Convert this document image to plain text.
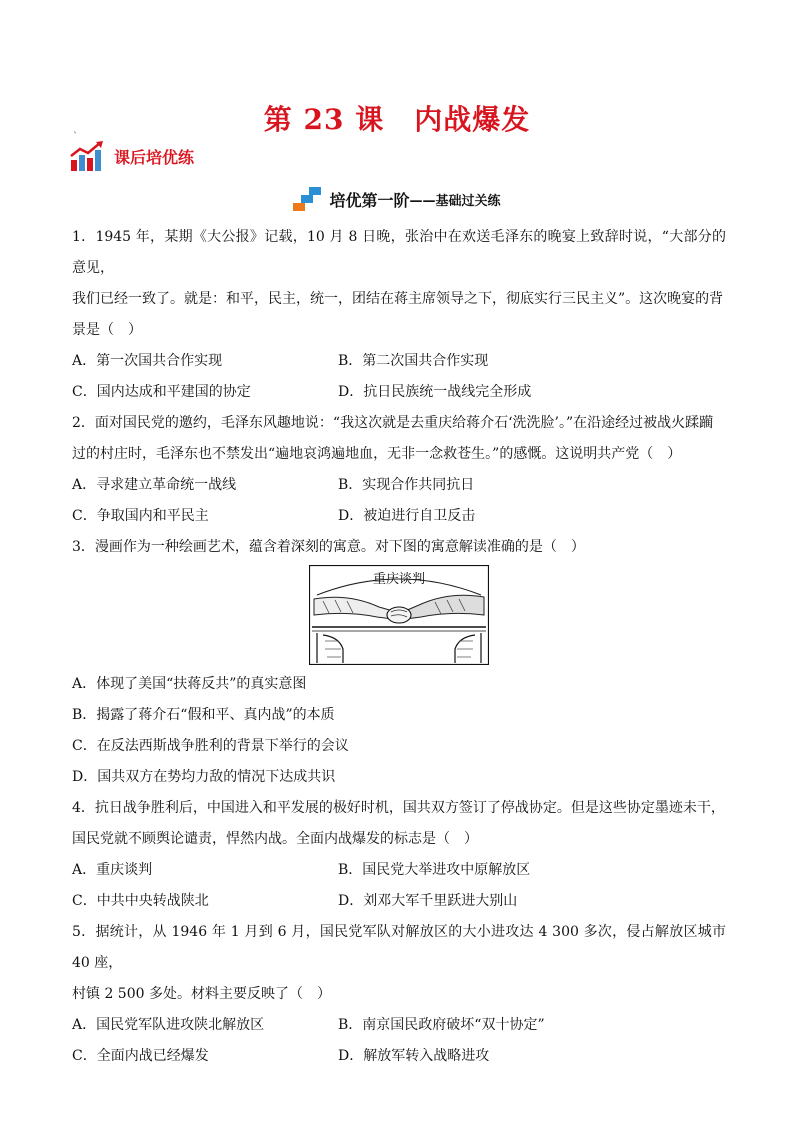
第 23 课 内战爆发
`
课后培优练
培优第一阶 ——基础过关练

1．1945 年，某期《大公报》记载，10 月 8 日晚，张治中在欢送毛泽东的晚宴上致辞时说，“大部分的意见，

我们已经一致了。就是：和平，民主，统一，团结在蒋主席领导之下，彻底实行三民主义”。这次晚宴的背

景是（　）

A．第一次国共合作实现	B．第二次国共合作实现
C．国内达成和平建国的协定	D．抗日民族统一战线完全形成

2．面对国民党的邀约，毛泽东风趣地说：“我这次就是去重庆给蒋介石‘洗洗脸’。”在沿途经过被战火蹂躏

过的村庄时，毛泽东也不禁发出“遍地哀鸿遍地血，无非一念救苍生。”的感慨。这说明共产党（　）

A．寻求建立革命统一战线	B．实现合作共同抗日
C．争取国内和平民主	D．被迫进行自卫反击

3．漫画作为一种绘画艺术，蕴含着深刻的寓意。对下图的寓意解读准确的是（　）

重庆谈判

A．体现了美国“扶蒋反共”的真实意图

B．揭露了蒋介石“假和平、真内战”的本质

C．在反法西斯战争胜利的背景下举行的会议

D．国共双方在势均力敌的情况下达成共识

4．抗日战争胜利后，中国进入和平发展的极好时机，国共双方签订了停战协定。但是这些协定墨迹未干，

国民党就不顾舆论谴责，悍然内战。全面内战爆发的标志是（　）

A．重庆谈判	B．国民党大举进攻中原解放区
C．中共中央转战陕北	D．刘邓大军千里跃进大别山

5．据统计，从 1946 年 1 月到 6 月，国民党军队对解放区的大小进攻达 4 300 多次，侵占解放区城市 40 座，

村镇 2 500 多处。材料主要反映了（　）

A．国民党军队进攻陕北解放区	B．南京国民政府破坏“双十协定”
C．全面内战已经爆发	D．解放军转入战略进攻
